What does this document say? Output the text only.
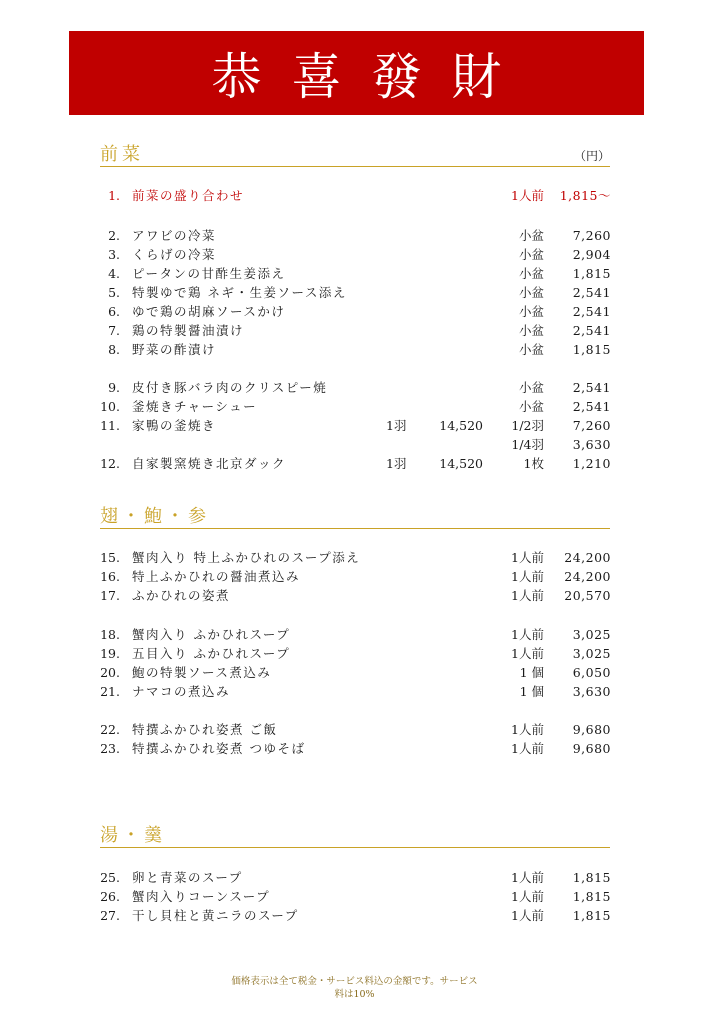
恭喜發財
前菜	（円）
翅・鮑・参
湯・羹
1. 前菜の盛り合わせ	1人前 1,815～
2. アワビの冷菜	小盆 7,260
3. くらげの冷菜	小盆 2,904
4. ピータンの甘酢生姜添え	小盆 1,815
5. 特製ゆで鶏 ネギ・生姜ソース添え	小盆 2,541
6. ゆで鶏の胡麻ソースかけ	小盆 2,541
7. 鶏の特製醤油漬け	小盆 2,541
8. 野菜の酢漬け	小盆 1,815
9. 皮付き豚バラ肉のクリスピー焼	小盆 2,541
10. 釜焼きチャーシュー	小盆 2,541
11. 家鴨の釜焼き	1羽	14,520 1/2羽 7,260
1/4羽 3,630
12. 自家製窯焼き北京ダック	1羽	14,520	1枚 1,210
15. 蟹肉入り 特上ふかひれのスープ添え	1人前 24,200
16. 特上ふかひれの醤油煮込み	1人前 24,200
17. ふかひれの姿煮	1人前 20,570
18. 蟹肉入り ふかひれスープ	1人前 3,025
19. 五目入り ふかひれスープ	1人前 3,025
20. 鮑の特製ソース煮込み	1 個 6,050
21. ナマコの煮込み	1 個 3,630
22. 特撰ふかひれ姿煮 ご飯	1人前 9,680
23. 特撰ふかひれ姿煮 つゆそば	1人前 9,680
25. 卵と青菜のスープ	1人前 1,815
26. 蟹肉入りコーンスープ	1人前 1,815
27. 干し貝柱と黄ニラのスープ	1人前 1,815
価格表示は全て税金・サービス料込の金額です。サービス
料は10%
